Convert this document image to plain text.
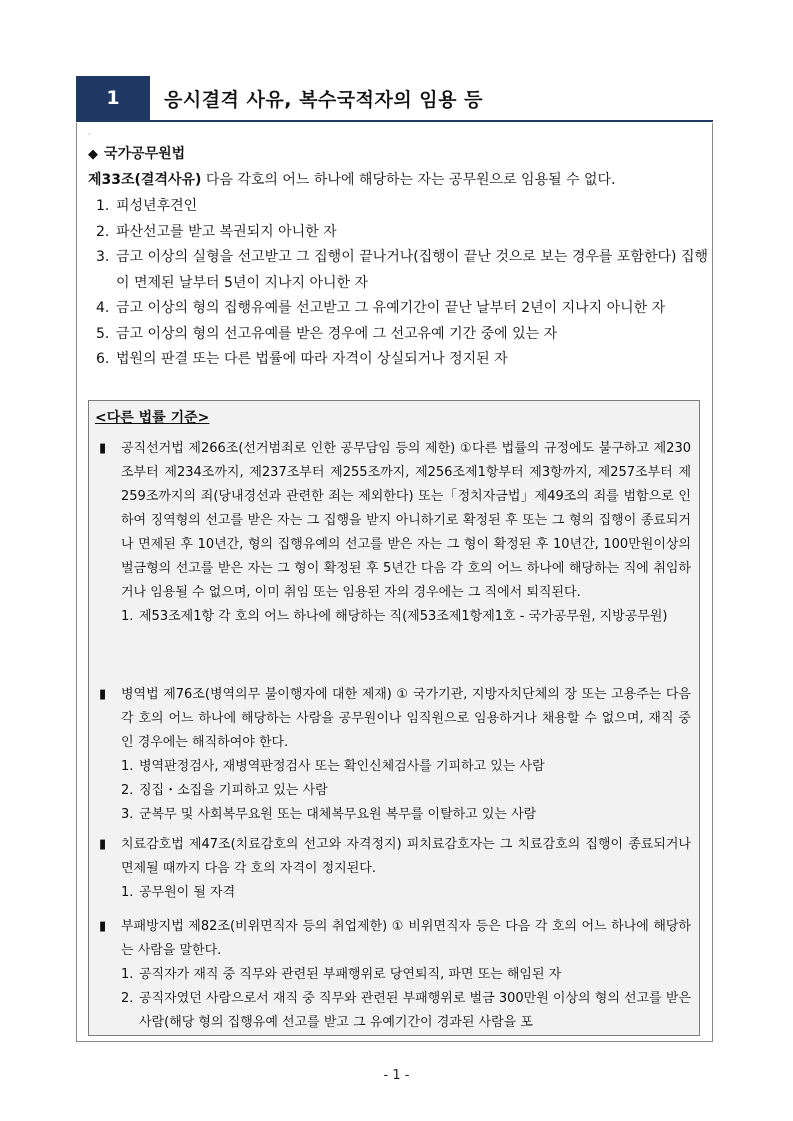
1	응시결격 사유, 복수국적자의 임용 등
·
◆ 국가공무원법
제33조(결격사유) 다음 각호의 어느 하나에 해당하는 자는 공무원으로 임용될 수 없다.
1. 피성년후견인
2. 파산선고를 받고 복권되지 아니한 자
3. 금고 이상의 실형을 선고받고 그 집행이 끝나거나(집행이 끝난 것으로 보는 경우를 포함한다) 집행이 면제된 날부터 5년이 지나지 아니한 자
4. 금고 이상의 형의 집행유예를 선고받고 그 유예기간이 끝난 날부터 2년이 지나지 아니한 자
5. 금고 이상의 형의 선고유예를 받은 경우에 그 선고유예 기간 중에 있는 자
6. 법원의 판결 또는 다른 법률에 따라 자격이 상실되거나 정지된 자
<다른 법률 기준>
▮	공직선거법 제266조(선거범죄로 인한 공무담임 등의 제한) ①다른 법률의 규정에도 불구하고 제230조부터 제234조까지, 제237조부터 제255조까지, 제256조제1항부터 제3항까지, 제257조부터 제259조까지의 죄(당내경선과 관련한 죄는 제외한다) 또는「정치자금법」제49조의 죄를 범함으로 인하여 징역형의 선고를 받은 자는 그 집행을 받지 아니하기로 확정된 후 또는 그 형의 집행이 종료되거나 면제된 후 10년간, 형의 집행유예의 선고를 받은 자는 그 형이 확정된 후 10년간, 100만원이상의 벌금형의 선고를 받은 자는 그 형이 확정된 후 5년간 다음 각 호의 어느 하나에 해당하는 직에 취임하거나 임용될 수 없으며, 이미 취임 또는 임용된 자의 경우에는 그 직에서 퇴직된다.
1. 제53조제1항 각 호의 어느 하나에 해당하는 직(제53조제1항제1호 - 국가공무원, 지방공무원)
▮	병역법 제76조(병역의무 불이행자에 대한 제재) ① 국가기관, 지방자치단체의 장 또는 고용주는 다음 각 호의 어느 하나에 해당하는 사람을 공무원이나 임직원으로 임용하거나 채용할 수 없으며, 재직 중인 경우에는 해직하여야 한다.
1. 병역판정검사, 재병역판정검사 또는 확인신체검사를 기피하고 있는 사람
2. 징집・소집을 기피하고 있는 사람
3. 군복무 및 사회복무요원 또는 대체복무요원 복무를 이탈하고 있는 사람
▮	치료감호법 제47조(치료감호의 선고와 자격정지) 피치료감호자는 그 치료감호의 집행이 종료되거나 면제될 때까지 다음 각 호의 자격이 정지된다.
1. 공무원이 될 자격
▮	부패방지법 제82조(비위면직자 등의 취업제한) ① 비위면직자 등은 다음 각 호의 어느 하나에 해당하는 사람을 말한다.
1. 공직자가 재직 중 직무와 관련된 부패행위로 당연퇴직, 파면 또는 해임된 자
2. 공직자였던 사람으로서 재직 중 직무와 관련된 부패행위로 벌금 300만원 이상의 형의 선고를 받은 사람(해당 형의 집행유예 선고를 받고 그 유예기간이 경과된 사람을 포
- 1 -
